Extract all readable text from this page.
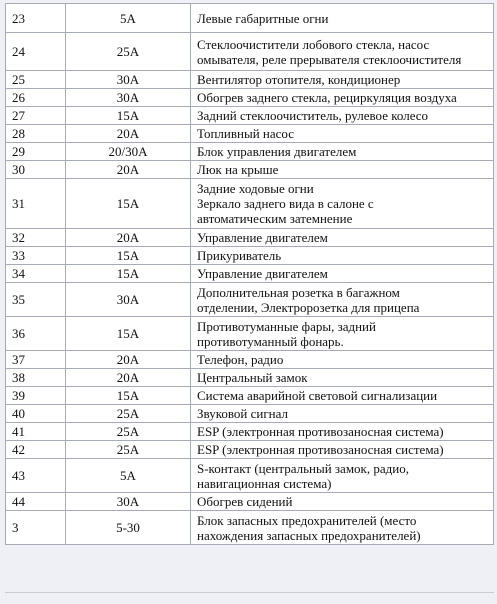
23	5A	Левые габаритные огни

24	25A	Стеклоочистители лобового стекла, насос
омывателя, реле прерывателя стеклоочистителя

25	30A	Вентилятор отопителя, кондиционер

26	30A	Обогрев заднего стекла, рециркуляция воздуха

27	15A	Задний стеклоочиститель, рулевое колесо

28	20A	Топливный насос

29	20/30A	Блок управления двигателем

30	20A	Люк на крыше

31	15A	Задние ходовые огни
Зеркало заднего вида в салоне с
автоматическим затемнение

32	20A	Управление двигателем

33	15A	Прикуриватель

34	15A	Управление двигателем

35	30A	Дополнительная розетка в багажном
отделении, Электророзетка для прицепа

36	15A	Противотуманные фары, задний
противотуманный фонарь.

37	20A	Телефон, радио

38	20A	Центральный замок

39	15A	Система аварийной световой сигнализации

40	25A	Звуковой сигнал

41	25A	ESP (электронная противозаносная система)

42	25A	ESP (электронная противозаносная система)

43	5A	S-контакт (центральный замок, радио,
навигационная система)

44	30A	Обогрев сидений

3	5-30	Блок запасных предохранителей (место
нахождения запасных предохранителей)
